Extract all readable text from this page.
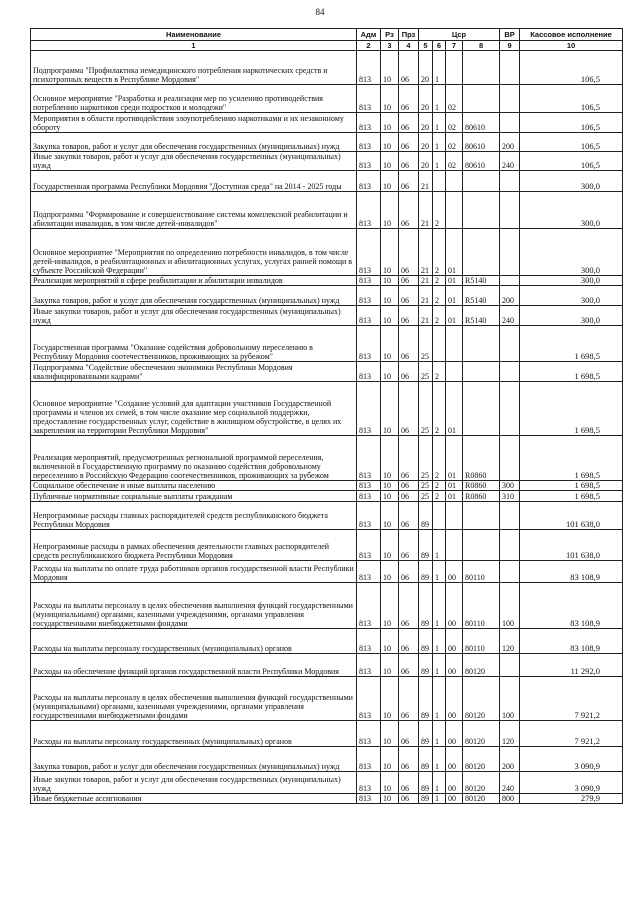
84
Наименование	Адм	Рз	Прз	Цср				ВР	Кассовое исполнение
1	2	3	4	5	6	7	8	9	10
Подпрограмма "Профилактика немедицинского потребления наркотических средств и психотропных веществ в Республике Мордовия"	813	10	06	20	1				106,5
Основное мероприятие "Разработка и реализация мер по усилению противодействия потреблению наркотиков среди подростков и молодежи"	813	10	06	20	1	02			106,5
Мероприятия в области противодействия злоупотреблению наркотиками и их незаконному обороту	813	10	06	20	1	02	80610		106,5
Закупка товаров, работ и услуг для обеспечения государственных (муниципальных) нужд	813	10	06	20	1	02	80610	200	106,5
Иные закупки товаров, работ и услуг для обеспечения государственных (муниципальных) нужд	813	10	06	20	1	02	80610	240	106,5
Государственная программа Республики Мордовия "Доступная среда" на 2014 - 2025 годы	813	10	06	21					300,0
Подпрограмма "Формирование и совершенствование системы комплексной реабилитации и абилитации инвалидов, в том числе детей-инвалидов"	813	10	06	21	2				300,0
Основное мероприятие "Мероприятия по определению потребности инвалидов, в том числе детей-инвалидов, в реабилитационных и абилитационных услугах, услугах ранней помощи в субъекте Российской Федерации"	813	10	06	21	2	01			300,0
Реализация мероприятий в сфере реабилитации и абилитации инвалидов	813	10	06	21	2	01	R5140		300,0
Закупка товаров, работ и услуг для обеспечения государственных (муниципальных) нужд	813	10	06	21	2	01	R5140	200	300,0
Иные закупки товаров, работ и услуг для обеспечения государственных (муниципальных) нужд	813	10	06	21	2	01	R5140	240	300,0
Государственная программа "Оказание содействия добровольному переселению в Республику Мордовия соотечественников, проживающих за рубежом"	813	10	06	25					1 698,5
Подпрограмма "Содействие обеспечению экономики Республики Мордовия квалифицированными кадрами"	813	10	06	25	2				1 698,5
Основное мероприятие "Создание условий для адаптации участников Государственной программы и членов их семей, в том числе оказание мер социальной поддержки, предоставление государственных услуг, содействие в жилищном обустройстве, в целях их закрепления на территории Республики Мордовия"	813	10	06	25	2	01			1 698,5
Реализация мероприятий, предусмотренных региональной программой переселения, включенной в Государственную программу по оказанию содействия добровольному переселению в Российскую Федерацию соотечественников, проживающих за рубежом	813	10	06	25	2	01	R0860		1 698,5
Социальное обеспечение и иные выплаты населению	813	10	06	25	2	01	R0860	300	1 698,5
Публичные нормативные социальные выплаты гражданам	813	10	06	25	2	01	R0860	310	1 698,5
Непрограммные расходы главных распорядителей средств республиканского бюджета Республики Мордовия	813	10	06	89					101 638,0
Непрограммные расходы в рамках обеспечения деятельности главных распорядителей средств республиканского бюджета Республики Мордовия	813	10	06	89	1				101 638,0
Расходы на выплаты по оплате труда работников органов государственной власти Республики Мордовия	813	10	06	89	1	00	80110		83 108,9
Расходы на выплаты персоналу в целях обеспечения выполнения функций государственными (муниципальными) органами, казенными учреждениями, органами управления государственными внебюджетными фондами	813	10	06	89	1	00	80110	100	83 108,9
Расходы на выплаты персоналу государственных (муниципальных) органов	813	10	06	89	1	00	80110	120	83 108,9
Расходы на обеспечение функций органов государственной власти Республики Мордовия	813	10	06	89	1	00	80120		11 292,0
Расходы на выплаты персоналу в целях обеспечения выполнения функций государственными (муниципальными) органами, казенными учреждениями, органами управления государственными внебюджетными фондами	813	10	06	89	1	00	80120	100	7 921,2
Расходы на выплаты персоналу государственных (муниципальных) органов	813	10	06	89	1	00	80120	120	7 921,2
Закупка товаров, работ и услуг для обеспечения государственных (муниципальных) нужд	813	10	06	89	1	00	80120	200	3 090,9
Иные закупки товаров, работ и услуг для обеспечения государственных (муниципальных) нужд	813	10	06	89	1	00	80120	240	3 090,9
Иные бюджетные ассигнования	813	10	06	89	1	00	80120	800	279,9
